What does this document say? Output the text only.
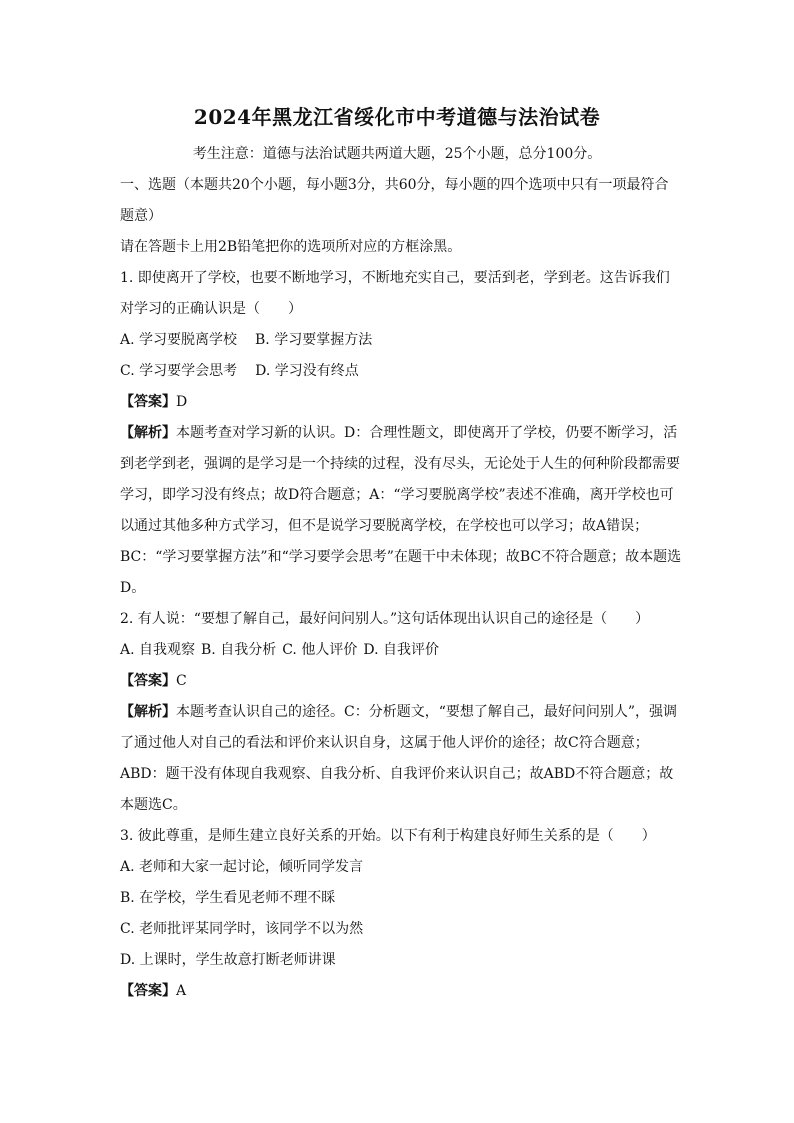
2024年黑龙江省绥化市中考道德与法治试卷
考生注意：道德与法治试题共两道大题，25个小题，总分100分。
一、选题（本题共20个小题，每小题3分，共60分，每小题的四个选项中只有一项最符合
题意）
请在答题卡上用2B铅笔把你的选项所对应的方框涂黑。
1. 即使离开了学校，也要不断地学习，不断地充实自己，要活到老，学到老。这告诉我们
对学习的正确认识是（　　）
A. 学习要脱离学校 B. 学习要掌握方法
C. 学习要学会思考 D. 学习没有终点
【答案】D
【解析】本题考查对学习新的认识。D：合理性题文，即使离开了学校，仍要不断学习，活
到老学到老，强调的是学习是一个持续的过程，没有尽头，无论处于人生的何种阶段都需要
学习，即学习没有终点；故D符合题意；A：“学习要脱离学校”表述不准确，离开学校也可
以通过其他多种方式学习，但不是说学习要脱离学校，在学校也可以学习；故A错误；
BC：“学习要掌握方法”和“学习要学会思考”在题干中未体现；故BC不符合题意；故本题选
D。
2. 有人说：“要想了解自己，最好问问别人。”这句话体现出认识自己的途径是（　　）
A. 自我观察 B. 自我分析 C. 他人评价 D. 自我评价
【答案】C
【解析】本题考查认识自己的途径。C：分析题文，“要想了解自己，最好问问别人”，强调
了通过他人对自己的看法和评价来认识自身，这属于他人评价的途径；故C符合题意；
ABD：题干没有体现自我观察、自我分析、自我评价来认识自己；故ABD不符合题意；故
本题选C。
3. 彼此尊重，是师生建立良好关系的开始。以下有利于构建良好师生关系的是（　　）
A. 老师和大家一起讨论，倾听同学发言
B. 在学校，学生看见老师不理不睬
C. 老师批评某同学时，该同学不以为然
D. 上课时，学生故意打断老师讲课
【答案】A
